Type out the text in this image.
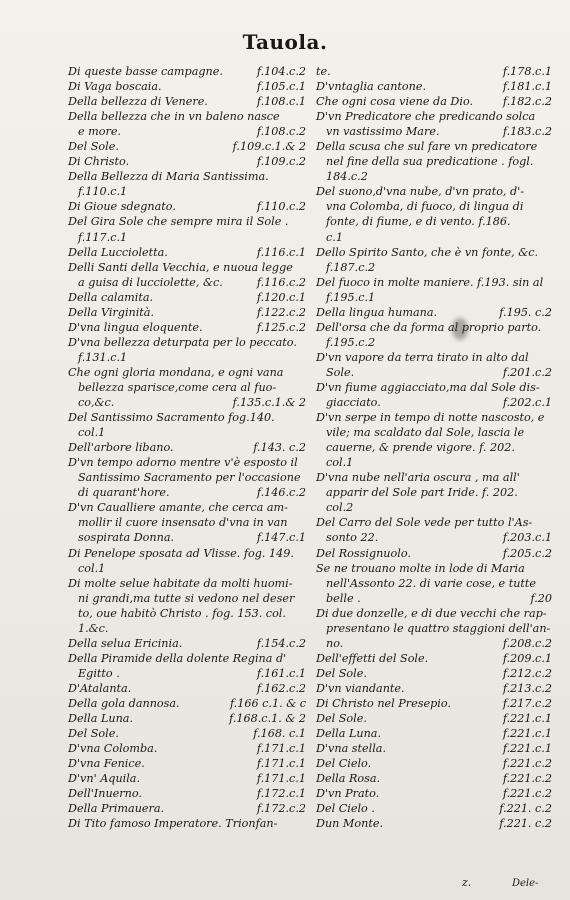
Tauola.
Di queste basse campagne.	f.104.c.2
Di Vaga boscaia.	f.105.c.1
Della bellezza di Venere.	f.108.c.1
Della bellezza che in vn baleno nasce
e more.	f.108.c.2
Del Sole.	f.109.c.1.& 2
Di Christo.	f.109.c.2
Della Bellezza di Maria Santissima.
f.110.c.1
Di Gioue sdegnato.	f.110.c.2
Del Gira Sole che sempre mira il Sole .
f.117.c.1
Della Luccioletta.	f.116.c.1
Delli Santi della Vecchia, e nuoua legge
a guisa di lucciolette, &c.	f.116.c.2
Della calamita.	f.120.c.1
Della Virginità.	f.122.c.2
D'vna lingua eloquente.	f.125.c.2
D'vna bellezza deturpata per lo peccato.
f.131.c.1
Che ogni gloria mondana, e ogni vana
bellezza sparisce,come cera al fuo-
co,&c.	f.135.c.1.& 2
Del Santissimo Sacramento fog.140.
col.1
Dell'arbore libano.	f.143. c.2
D'vn tempo adorno mentre v'è esposto il
Santissimo Sacramento per l'occasione
di quarant'hore.	f.146.c.2
D'vn Caualliere amante, che cerca am-
mollir il cuore insensato d'vna in van
sospirata Donna.	f.147.c.1
Di Penelope sposata ad Vlisse. fog. 149.
col.1
Di molte selue habitate da molti huomi-
ni grandi,ma tutte si vedono nel deser
to, oue habitò Christo . fog. 153. col.
1.&c.
Della selua Ericinia.	f.154.c.2
Della Piramide della dolente Regina d'
Egitto .	f.161.c.1
D'Atalanta.	f.162.c.2
Della gola dannosa.	f.166 c.1. & c
Della Luna.	f.168.c.1. & 2
Del Sole.	f.168. c.1
D'vna Colomba.	f.171.c.1
D'vna Fenice.	f.171.c.1
D'vn' Aquila.	f.171.c.1
Dell'Inuerno.	f.172.c.1
Della Primauera.	f.172.c.2
Di Tito famoso Imperatore. Trionfan-
te.	f.178.c.1
D'vntaglia cantone.	f.181.c.1
Che ogni cosa viene da Dio.	f.182.c.2
D'vn Predicatore che predicando solca
vn vastissimo Mare.	f.183.c.2
Della scusa che sul fare vn predicatore
nel fine della sua predicatione . fogl.
184.c.2
Del suono,d'vna nube, d'vn prato, d'-
vna Colomba, di fuoco, di lingua di
fonte, di fiume, e di vento. f.186.
c.1
Dello Spirito Santo, che è vn fonte, &c.
f.187.c.2
Del fuoco in molte maniere. f.193. sin al
f.195.c.1
Della lingua humana.	f.195. c.2
Dell'orsa che da forma al proprio parto.
f.195.c.2
D'vn vapore da terra tirato in alto dal
Sole.	f.201.c.2
D'vn fiume aggiacciato,ma dal Sole dis-
giacciato.	f.202.c.1
D'vn serpe in tempo di notte nascosto, e
vile; ma scaldato dal Sole, lascia le
cauerne, & prende vigore. f. 202.
col.1
D'vna nube nell'aria oscura , ma all'
apparir del Sole part Iride. f. 202.
col.2
Del Carro del Sole vede per tutto l'As-
sonto 22.	f.203.c.1
Del Rossignuolo.	f.205.c.2
Se ne trouano molte in lode di Maria
nell'Assonto 22. di varie cose, e tutte
belle .	f.20
Di due donzelle, e di due vecchi che rap-
presentano le quattro staggioni dell'an-
no.	f.208.c.2
Dell'effetti del Sole.	f.209.c.1
Del Sole.	f.212.c.2
D'vn viandante.	f.213.c.2
Di Christo nel Presepio.	f.217.c.2
Del Sole.	f.221.c.1
Della Luna.	f.221.c.1
D'vna stella.	f.221.c.1
Del Cielo.	f.221.c.2
Della Rosa.	f.221.c.2
D'vn Prato.	f.221.c.2
Del Cielo .	f.221. c.2
Dun Monte.	f.221. c.2
z.	Dele-
